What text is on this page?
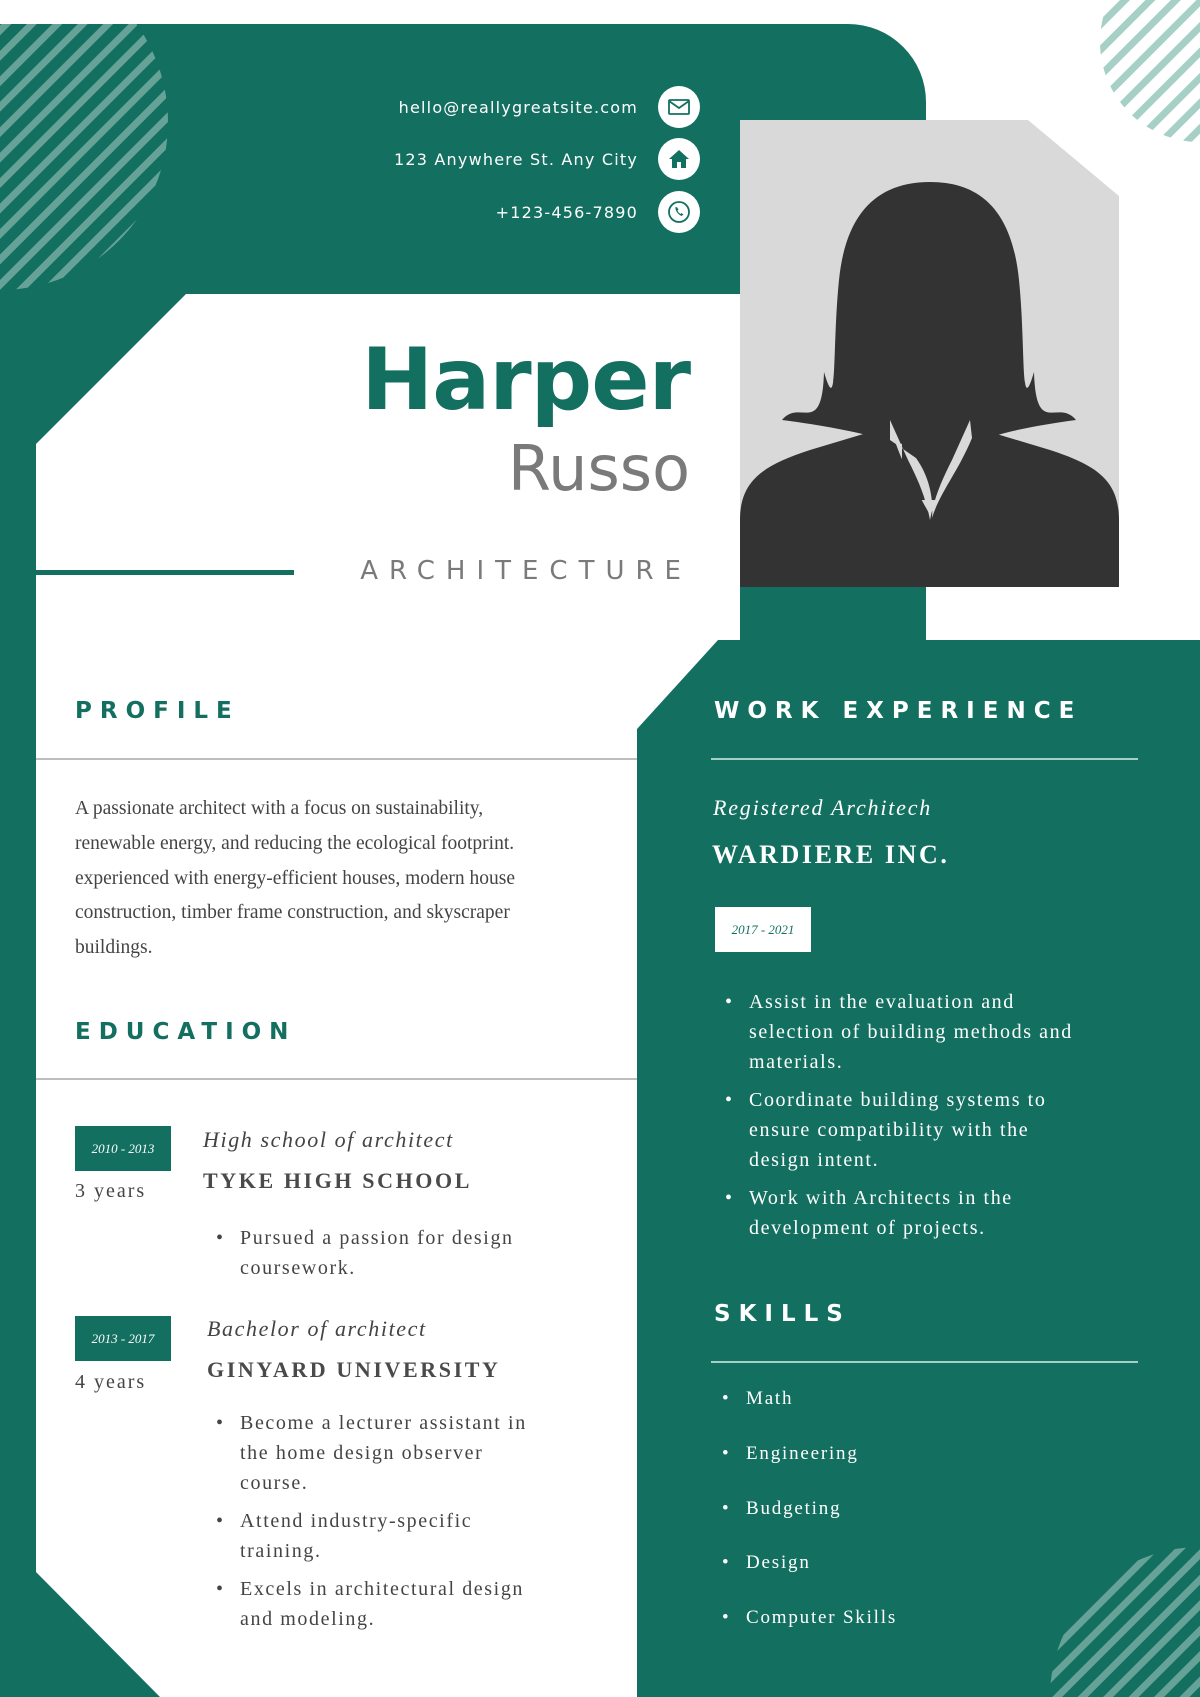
hello@reallygreatsite.com
123 Anywhere St. Any City
+123-456-7890
Harper
Russo
ARCHITECTURE
PROFILE
A passionate architect with a focus on sustainability,
renewable energy, and reducing the ecological footprint.
experienced with energy-efficient houses, modern house
construction, timber frame construction, and skyscraper
buildings.
EDUCATION
2010 - 2013
3 years
High school of architect
TYKE HIGH SCHOOL
• Pursued a passion for design
coursework.
2013 - 2017
4 years
Bachelor of architect
GINYARD UNIVERSITY
• Become a lecturer assistant in
the home design observer
course.
• Attend industry-specific
training.
• Excels in architectural design
and modeling.
WORK EXPERIENCE
Registered Architech
WARDIERE INC.
2017 - 2021
• Assist in the evaluation and
selection of building methods and
materials.
• Coordinate building systems to
ensure compatibility with the
design intent.
• Work with Architects in the
development of projects.
SKILLS
• Math
• Engineering
• Budgeting
• Design
• Computer Skills
